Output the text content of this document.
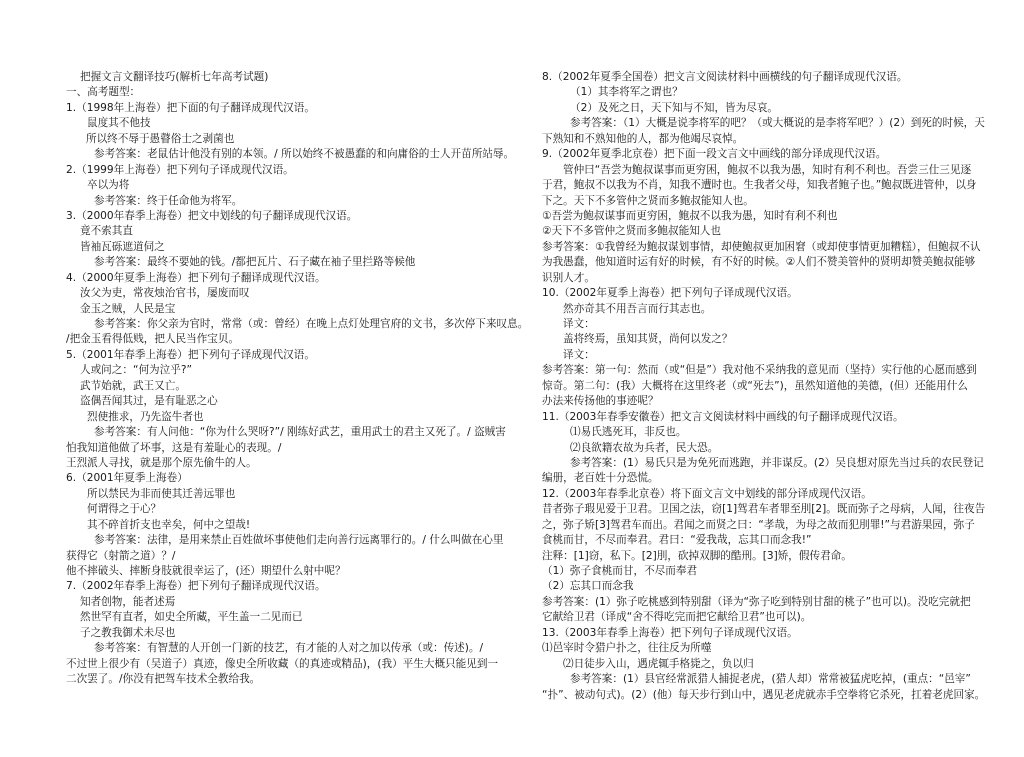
把握文言文翻译技巧(解析七年高考试题)
一、高考题型：
1.（1998年上海卷）把下面的句子翻译成现代汉语。
鼠度其不他技
所以终不辱于愚瞽俗士之剥菌也
参考答案：老鼠估计他没有别的本领。/ 所以始终不被愚蠢的和向庸俗的士人开苗所站辱。
2.（1999年上海卷）把下列句子译成现代汉语。
卒以为将
参考答案：终于任命他为将军。
3.（2000年春季上海卷）把文中划线的句子翻译成现代汉语。
竟不索其直
皆袖瓦砾遮道伺之
参考答案：最终不要她的钱。/都把瓦片、石子藏在袖子里拦路等候他
4.（2000年夏季上海卷）把下列句子翻译成现代汉语。
汝父为吏，常夜烛治官书，屡废而叹
金玉之贼，人民是宝
参考答案：你父亲为官时，常常（或：曾经）在晚上点灯处理官府的文书，多次停下来叹息。
/把金玉看得低贱，把人民当作宝贝。
5.（2001年春季上海卷）把下列句子译成现代汉语。
人或问之：“何为泣乎?”
武节始就，武王又亡。
盗偶吾闻其过，是有耻恶之心
烈使推求，乃先盗牛者也
参考答案：有人问他：“你为什么哭呀?”/ 刚练好武艺，重用武士的君主又死了。/ 盗贼害
怕我知道他做了坏事，这是有羞耻心的表现。/
王烈派人寻找，就是那个原先偷牛的人。
6.（2001年夏季上海卷）
所以禁民为非而使其迁善远罪也
何谓得之于心？
其不碎首折支也幸矣，何中之望哉!
参考答案：法律，是用来禁止百姓做坏事使他们走向善行远离罪行的。/ 什么叫做在心里
获得它（射箭之道）？/
他不摔破头、摔断身肢就很幸运了，(还）期望什么射中呢？
7.（2002年春季上海卷）把下列句子翻译成现代汉语。
知者创物，能者述焉
然世罕有直者，如史全所藏，平生盖一二见而已
子之教我御术未尽也
参考答案：有智慧的人开创一门新的技艺，有才能的人对之加以传承（或：传述)。/
不过世上很少有（吴道子）真迹，像史全所收藏（的真迹或精品)，(我）平生大概只能见到一
二次罢了。/你没有把驾车技术全教给我。
8.（2002年夏季全国卷）把文言文阅读材料中画横线的句子翻译成现代汉语。
（1）其李将军之谓也？
（2）及死之日，天下知与不知，皆为尽哀。
参考答案：（1）大概是说李将军的吧？（或大概说的是李将军吧？）(2）到死的时候，天
下熟知和不熟知他的人，都为他竭尽哀悼。
9.（2002年夏季北京卷）把下面一段文言文中画线的部分译成现代汉语。
管仲曰“吾尝为鲍叔谋事而更穷困，鲍叔不以我为愚，知时有利不利也。吾尝三仕三见逐
于君，鲍叔不以我为不肖，知我不遭时也。生我者父母，知我者鲍子也。”鲍叔既进管仲，以身
下之。天下不多管仲之贤而多鲍叔能知人也。
①吾尝为鲍叔谋事而更穷困，鲍叔不以我为愚，知时有利不利也
②天下不多管仲之贤而多鲍叔能知人也
参考答案：①我曾经为鲍叔谋划事情，却使鲍叔更加困窘（或却使事情更加糟糕），但鲍叔不认
为我愚蠢，他知道时运有好的时候，有不好的时候。②人们不赞美管仲的贤明却赞美鲍叔能够
识别人才。
10.（2002年夏季上海卷）把下列句子译成现代汉语。
然亦奇其不用吾言而行其志也。
译文：
盖将终焉，虽知其贤，尚何以发之？
译文：
参考答案：第一句：然而（或“但是”）我对他不采纳我的意见而（坚持）实行他的心愿而感到
惊奇。第二句：(我）大概将在这里终老（或“死去”)，虽然知道他的美德，(但）还能用什么
办法来传扬他的事迹呢？
11.（2003年春季安徽卷）把文言文阅读材料中画线的句子翻译成现代汉语。
⑴易氏逃死耳，非反也。
⑵良欲籍农故为兵者，民大恐。
参考答案：(1）易氏只是为免死而逃跑，并非谋反。(2）吴良想对原先当过兵的农民登记
编册，老百姓十分恐慌。
12.（2003年春季北京卷）将下面文言文中划线的部分译成现代汉语。
昔者弥子瑕见爱于卫君。卫国之法，窃[1]驾君车者罪至刖[2]。既而弥子之母病，人闻，往夜告
之，弥子矫[3]驾君车而出。君闻之而贤之曰：“孝哉，为母之故而犯刖罪!”与君游果园，弥子
食桃而甘，不尽而奉君。君曰：“爱我哉，忘其口而念我!”
注释：[1]窃，私下。[2]刖，砍掉双脚的酷刑。[3]矫，假传君命。
（1）弥子食桃而甘，不尽而奉君
（2）忘其口而念我
参考答案：(1）弥子吃桃感到特别甜（译为“弥子吃到特别甘甜的桃子”也可以)。没吃完就把
它献给卫君（译成“舍不得吃完而把它献给卫君”也可以)。
13.（2003年春季上海卷）把下列句子译成现代汉语。
⑴邑宰时令猎户扑之，往往反为所噬
⑵日徒步入山，遇虎辄手格毙之，负以归
参考答案：(1）县官经常派猎人捕捉老虎，(猎人却）常常被猛虎吃掉，(重点：“邑宰”
“扑”、被动句式)。(2）(他）每天步行到山中，遇见老虎就赤手空拳将它杀死，扛着老虎回家。
